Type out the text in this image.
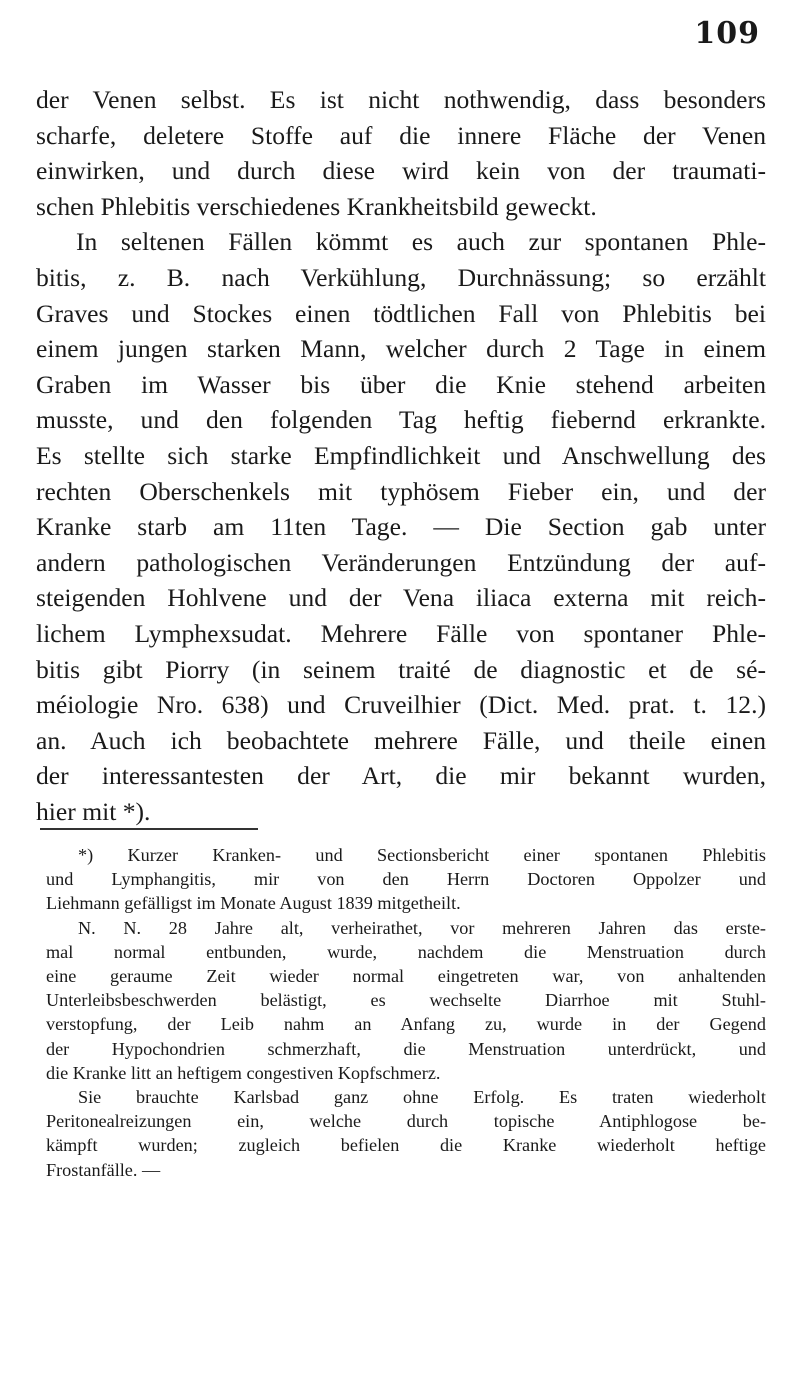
109
der Venen selbst. Es ist nicht nothwendig, dass besonders
scharfe, deletere Stoffe auf die innere Fläche der Venen
einwirken, und durch diese wird kein von der traumati-
schen Phlebitis verschiedenes Krankheitsbild geweckt.
In seltenen Fällen kömmt es auch zur spontanen Phle-
bitis, z. B. nach Verkühlung, Durchnässung; so erzählt
Graves und Stockes einen tödtlichen Fall von Phlebitis bei
einem jungen starken Mann, welcher durch 2 Tage in einem
Graben im Wasser bis über die Knie stehend arbeiten
musste, und den folgenden Tag heftig fiebernd erkrankte.
Es stellte sich starke Empfindlichkeit und Anschwellung des
rechten Oberschenkels mit typhösem Fieber ein, und der
Kranke starb am 11ten Tage. — Die Section gab unter
andern pathologischen Veränderungen Entzündung der auf-
steigenden Hohlvene und der Vena iliaca externa mit reich-
lichem Lymphexsudat. Mehrere Fälle von spontaner Phle-
bitis gibt Piorry (in seinem traité de diagnostic et de sé-
méiologie Nro. 638) und Cruveilhier (Dict. Med. prat. t. 12.)
an. Auch ich beobachtete mehrere Fälle, und theile einen
der interessantesten der Art, die mir bekannt wurden,
hier mit *).
*) Kurzer Kranken- und Sectionsbericht einer spontanen Phlebitis
und Lymphangitis, mir von den Herrn Doctoren Oppolzer und
Liehmann gefälligst im Monate August 1839 mitgetheilt.
N. N. 28 Jahre alt, verheirathet, vor mehreren Jahren das erste-
mal normal entbunden, wurde, nachdem die Menstruation durch
eine geraume Zeit wieder normal eingetreten war, von anhaltenden
Unterleibsbeschwerden belästigt, es wechselte Diarrhoe mit Stuhl-
verstopfung, der Leib nahm an Anfang zu, wurde in der Gegend
der Hypochondrien schmerzhaft, die Menstruation unterdrückt, und
die Kranke litt an heftigem congestiven Kopfschmerz.
Sie brauchte Karlsbad ganz ohne Erfolg. Es traten wiederholt
Peritonealreizungen ein, welche durch topische Antiphlogose be-
kämpft wurden; zugleich befielen die Kranke wiederholt heftige
Frostanfälle. —
